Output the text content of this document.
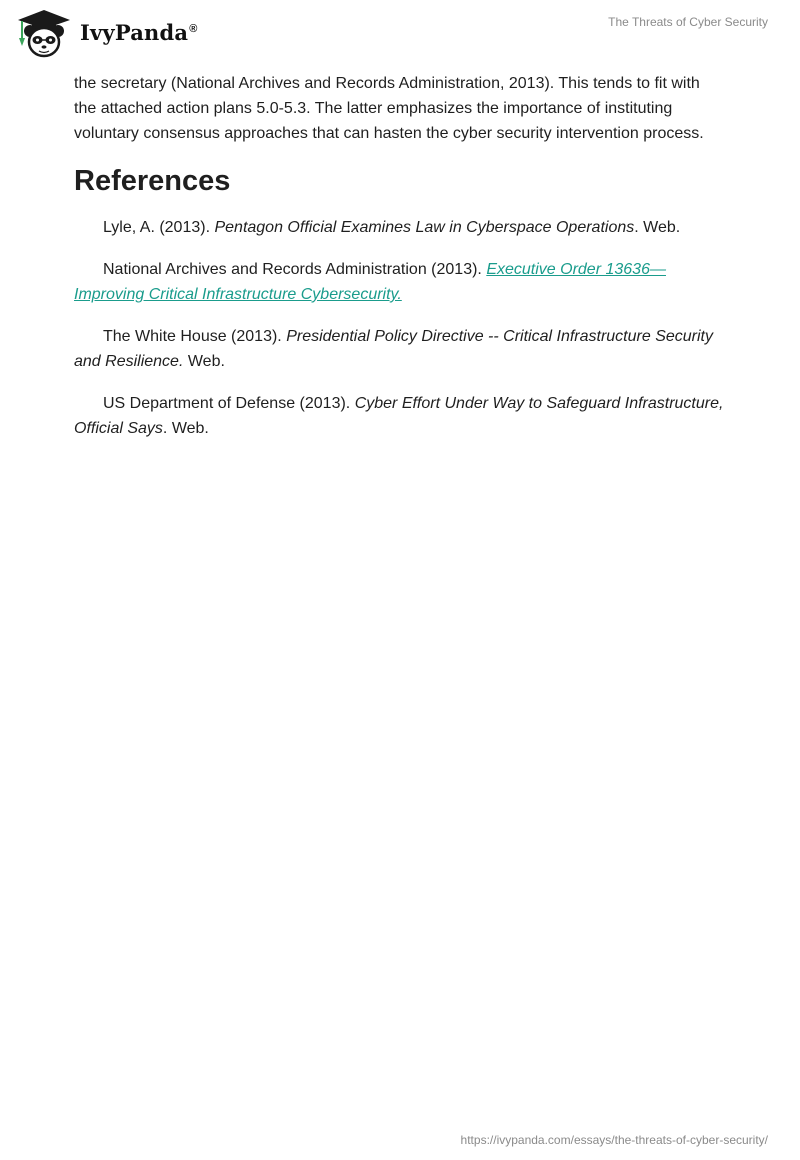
IvyPanda®	The Threats of Cyber Security

the secretary (National Archives and Records Administration, 2013). This tends to fit with the attached action plans 5.0-5.3. The latter emphasizes the importance of instituting voluntary consensus approaches that can hasten the cyber security intervention process.

References

Lyle, A. (2013). Pentagon Official Examines Law in Cyberspace Operations. Web.

National Archives and Records Administration (2013). Executive Order 13636—Improving Critical Infrastructure Cybersecurity.

The White House (2013). Presidential Policy Directive -- Critical Infrastructure Security and Resilience. Web.

US Department of Defense (2013). Cyber Effort Under Way to Safeguard Infrastructure, Official Says. Web.

https://ivypanda.com/essays/the-threats-of-cyber-security/
